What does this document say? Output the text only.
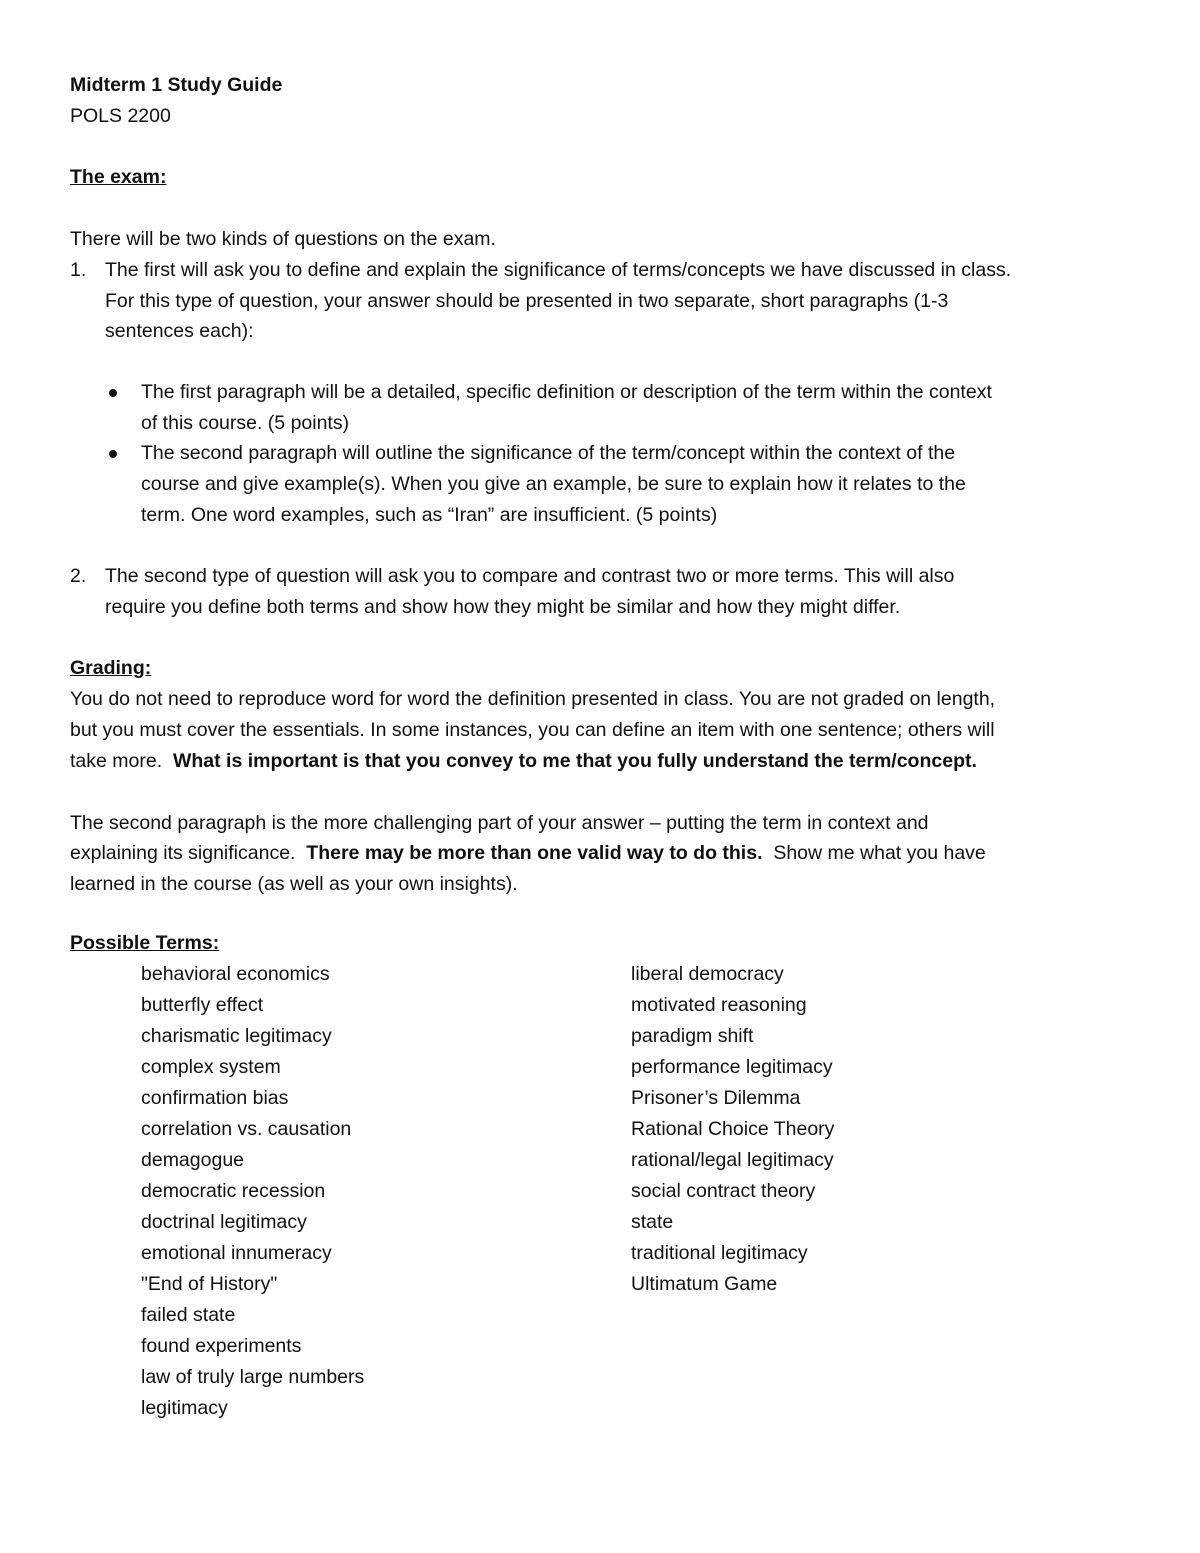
Midterm 1 Study Guide
POLS 2200
The exam:
There will be two kinds of questions on the exam.
1. The first will ask you to define and explain the significance of terms/concepts we have discussed in class.
For this type of question, your answer should be presented in two separate, short paragraphs (1-3
sentences each):
The first paragraph will be a detailed, specific definition or description of the term within the context
of this course. (5 points)
The second paragraph will outline the significance of the term/concept within the context of the
course and give example(s). When you give an example, be sure to explain how it relates to the
term. One word examples, such as “Iran” are insufficient. (5 points)
2. The second type of question will ask you to compare and contrast two or more terms. This will also
require you define both terms and show how they might be similar and how they might differ.
Grading:
You do not need to reproduce word for word the definition presented in class. You are not graded on length,
but you must cover the essentials. In some instances, you can define an item with one sentence; others will
take more.  What is important is that you convey to me that you fully understand the term/concept.
The second paragraph is the more challenging part of your answer – putting the term in context and
explaining its significance.  There may be more than one valid way to do this.  Show me what you have
learned in the course (as well as your own insights).
Possible Terms:
behavioral economics
butterfly effect
charismatic legitimacy
complex system
confirmation bias
correlation vs. causation
demagogue
democratic recession
doctrinal legitimacy
emotional innumeracy
"End of History"
failed state
found experiments
law of truly large numbers
legitimacy
liberal democracy
motivated reasoning
paradigm shift
performance legitimacy
Prisoner’s Dilemma
Rational Choice Theory
rational/legal legitimacy
social contract theory
state
traditional legitimacy
Ultimatum Game
